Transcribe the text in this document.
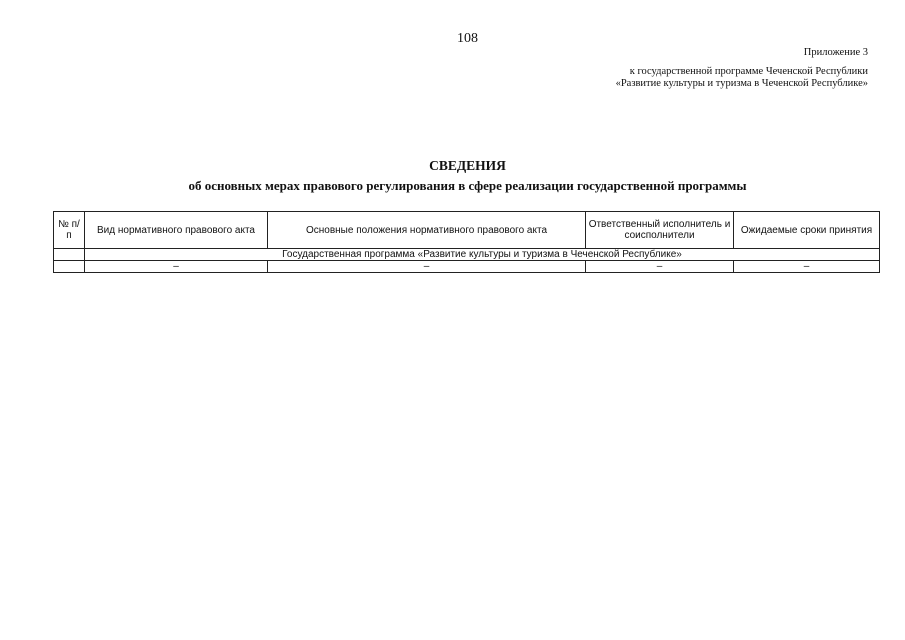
108
Приложение 3
к государственной программе Чеченской Республики
«Развитие культуры и туризма в Чеченской Республике»
СВЕДЕНИЯ
об основных мерах правового регулирования в сфере реализации государственной программы
№ п/п	Вид нормативного правового акта	Основные положения нормативного правового акта	Ответственный исполнитель и соисполнители	Ожидаемые сроки принятия
	Государственная программа «Развитие культуры и туризма в Чеченской Республике»			
	–	–	–	–
